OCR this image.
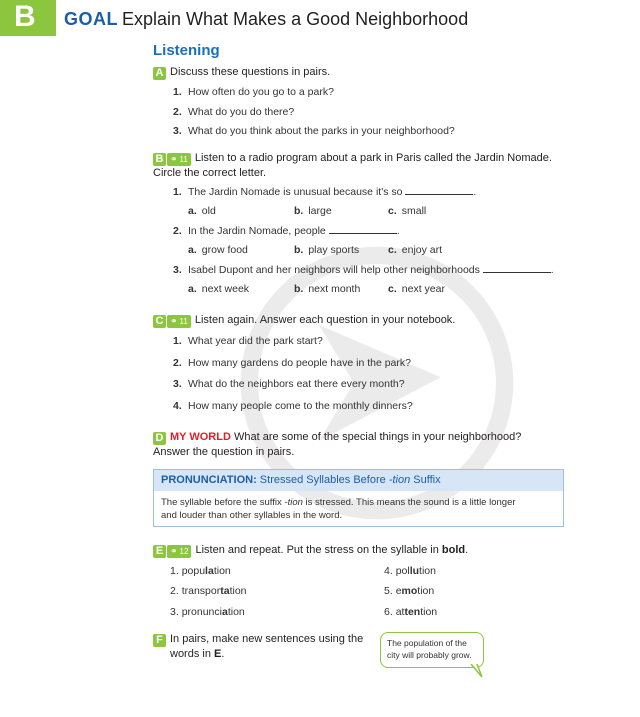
B GOAL Explain What Makes a Good Neighborhood
Listening
A Discuss these questions in pairs.
1. How often do you go to a park?
2. What do you do there?
3. What do you think about the parks in your neighborhood?
B ⚭ 11 Listen to a radio program about a park in Paris called the Jardin Nomade.
Circle the correct letter.
1. The Jardin Nomade is unusual because it's so	.
a. old	b. large	c. small
2. In the Jardin Nomade, people	.
a. grow food	b. play sports	c. enjoy art
3. Isabel Dupont and her neighbors will help other neighborhoods	.
a. next week	b. next month	c. next year
C ⚭ 11 Listen again. Answer each question in your notebook.
1. What year did the park start?
2. How many gardens do people have in the park?
3. What do the neighbors eat there every month?
4. How many people come to the monthly dinners?
D MY WORLD What are some of the special things in your neighborhood?
Answer the question in pairs.
PRONUNCIATION: Stressed Syllables Before -tion Suffix
The syllable before the suffix -tion is stressed. This means the sound is a little longer
and louder than other syllables in the word.
E ⚭ 12 Listen and repeat. Put the stress on the syllable in bold.
1. population
2. transportation
3. pronunciation
4. pollution
5. emotion
6. attention
F In pairs, make new sentences using the
words in E.
The population of the
city will probably grow.
